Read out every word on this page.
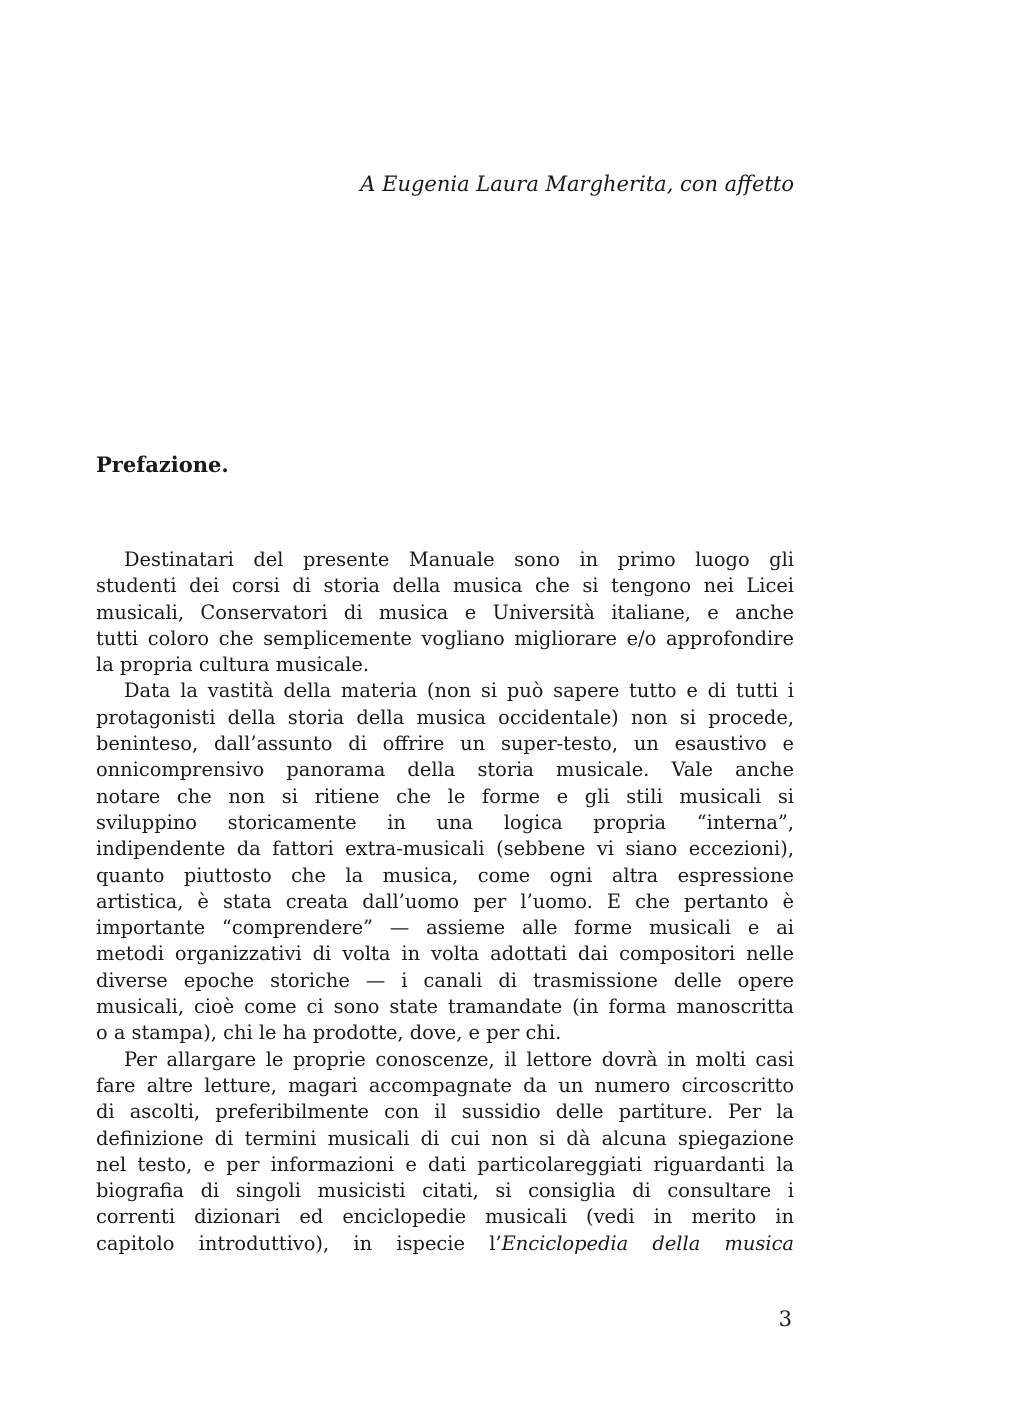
A Eugenia Laura Margherita, con affetto
Prefazione.
Destinatari del presente Manuale sono in primo luogo gli
studenti dei corsi di storia della musica che si tengono nei Licei
musicali, Conservatori di musica e Università italiane, e anche
tutti coloro che semplicemente vogliano migliorare e/o approfondire
la propria cultura musicale.
Data la vastità della materia (non si può sapere tutto e di tutti i
protagonisti della storia della musica occidentale) non si procede,
beninteso, dall’assunto di offrire un super-testo, un esaustivo e
onnicomprensivo panorama della storia musicale. Vale anche
notare che non si ritiene che le forme e gli stili musicali si
sviluppino storicamente in una logica propria “interna”,
indipendente da fattori extra-musicali (sebbene vi siano eccezioni),
quanto piuttosto che la musica, come ogni altra espressione
artistica, è stata creata dall’uomo per l’uomo. E che pertanto è
importante “comprendere” — assieme alle forme musicali e ai
metodi organizzativi di volta in volta adottati dai compositori nelle
diverse epoche storiche — i canali di trasmissione delle opere
musicali, cioè come ci sono state tramandate (in forma manoscritta
o a stampa), chi le ha prodotte, dove, e per chi.
Per allargare le proprie conoscenze, il lettore dovrà in molti casi
fare altre letture, magari accompagnate da un numero circoscritto
di ascolti, preferibilmente con il sussidio delle partiture. Per la
definizione di termini musicali di cui non si dà alcuna spiegazione
nel testo, e per informazioni e dati particolareggiati riguardanti la
biografia di singoli musicisti citati, si consiglia di consultare i
correnti dizionari ed enciclopedie musicali (vedi in merito in
capitolo introduttivo), in ispecie l’Enciclopedia della musica
3
